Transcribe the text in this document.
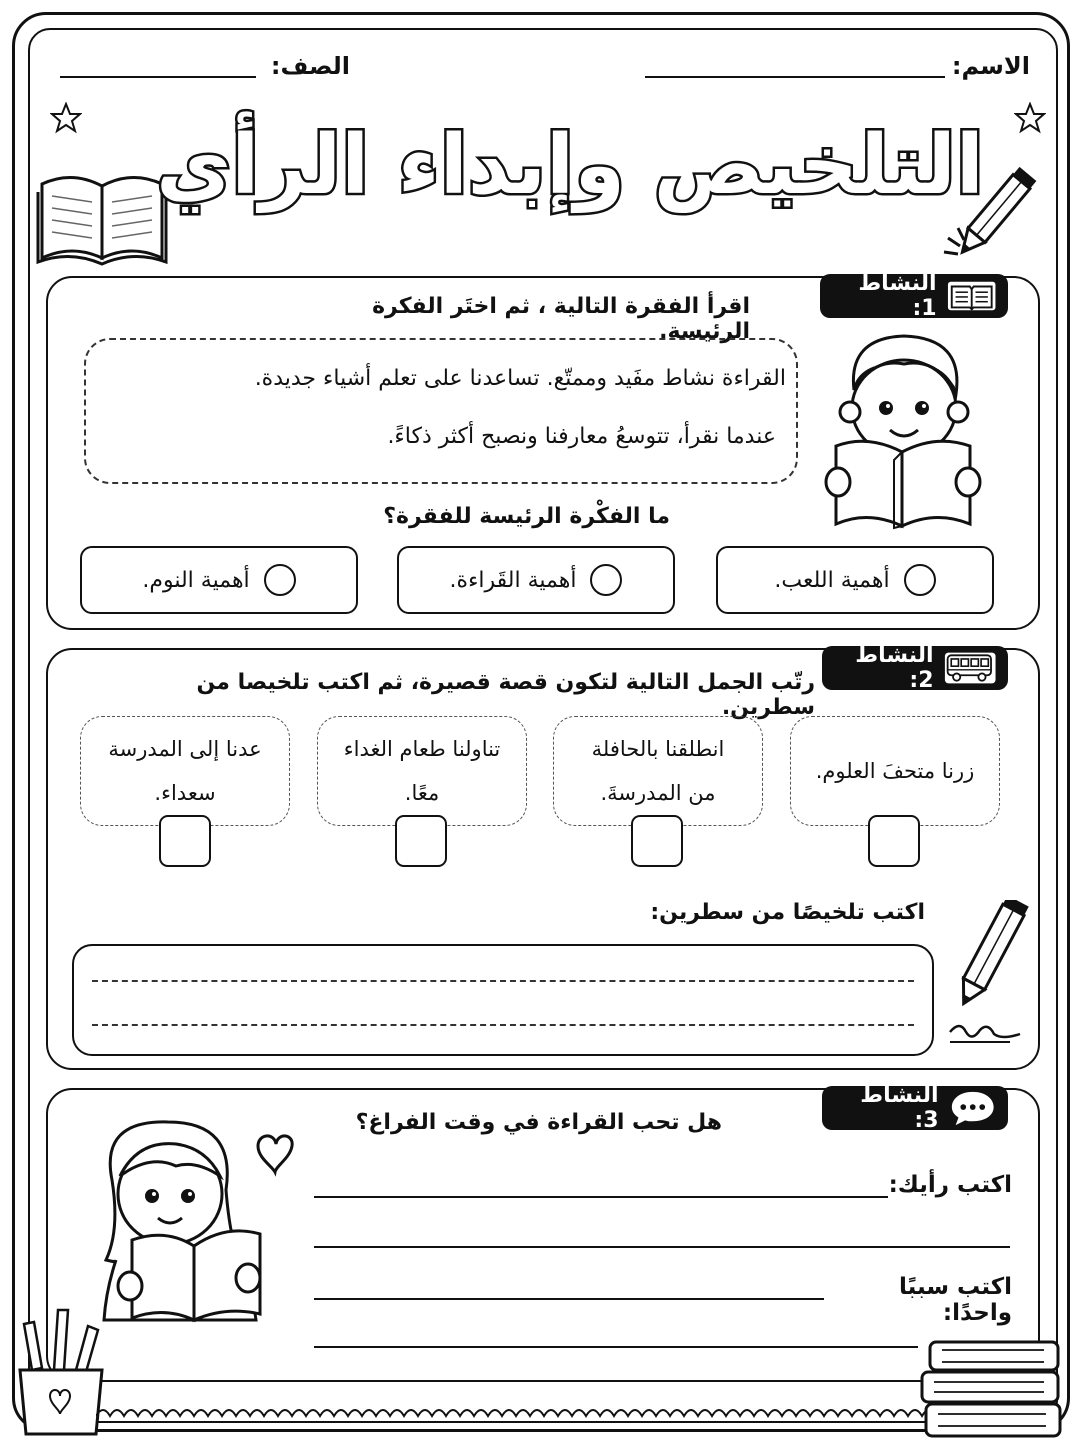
الاسم:
الصف:
التلخيص وإبداء الرأي
النشاط 1:
اقرأ الفقرة التالية ، ثم اختَر الفكرة الرئيسة.
القراءة نشاط مفَيد وممتّع. تساعدنا على تعلم أشياء جديدة.
عندما نقرأ، تتوسعُ معارفنا ونصبح أكثر ذكاءً.
ما الفكْرة الرئيسة للفقرة؟
أهمية اللعب.
أهمية القَراءة.
أهمية النوم.
النشاط 2:
رتّب الجمل التالية لتكون قصة قصيرة، ثم اكتب تلخيصا من سطرين.
زرنا متحفَ العلوم.
انطلقنا بالحافلة
من المدرسةَ.
تناولنا طعام الغداء
معًا.
عدنا إلى المدرسة
سعداء.
اكتب تلخيصًا من سطرين:
النشاط 3:
هل تحب القراءة في وقت الفراغ؟
اكتب رأيك:
اكتب سببًا واحدًا:
